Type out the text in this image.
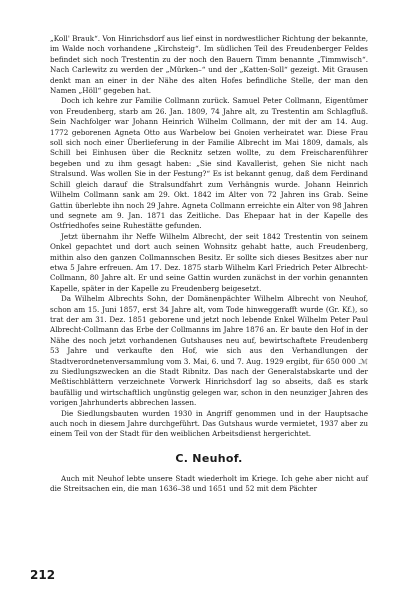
„Koll' Brauk“. Von Hinrichsdorf aus lief einst in nordwestlicher Richtung der bekannte, im Walde noch vorhandene „Kirchsteig“. Im südlichen Teil des Freudenberger Feldes befindet sich noch Trestentin zu der noch den Bauern Timm benannte „Timmwisch“. Nach Carlewitz zu werden der „Mürken–“ und der „Katten-Soll“ gezeigt. Mit Grausen denkt man an einer in der Nähe des alten Hofes befindliche Stelle, der man den Namen „Höll“ gegeben hat.

Doch ich kehre zur Familie Collmann zurück. Samuel Peter Collmann, Eigentümer von Freudenberg, starb am 26. Jan. 1809, 74 Jahre alt, zu Trestentin am Schlagfluß. Sein Nachfolger war Johann Heinrich Wilhelm Collmann, der mit der am 14. Aug. 1772 geborenen Agneta Otto aus Warbelow bei Gnoien verheiratet war. Diese Frau soll sich noch einer Überlieferung in der Familie Albrecht im Mai 1809, damals, als Schill bei Einhusen über die Recknitz setzen wollte, zu dem Freischarenführer begeben und zu ihm gesagt haben: „Sie sind Kavallerist, gehen Sie nicht nach Stralsund. Was wollen Sie in der Festung?“ Es ist bekannt genug, daß dem Ferdinand Schill gleich darauf die Stralsundfahrt zum Verhängnis wurde. Johann Heinrich Wilhelm Collmann sank am 29. Okt. 1842 im Alter von 72 Jahren ins Grab. Seine Gattin überlebte ihn noch 29 Jahre. Agneta Collmann erreichte ein Alter von 98 Jahren und segnete am 9. Jan. 1871 das Zeitliche. Das Ehepaar hat in der Kapelle des Ostfriedhofes seine Ruhestätte gefunden.

Jetzt übernahm ihr Neffe Wilhelm Albrecht, der seit 1842 Trestentin von seinem Onkel gepachtet und dort auch seinen Wohnsitz gehabt hatte, auch Freudenberg, mithin also den ganzen Collmannschen Besitz. Er sollte sich dieses Besitzes aber nur etwa 5 Jahre erfreuen. Am 17. Dez. 1875 starb Wilhelm Karl Friedrich Peter Albrecht-Collmann, 80 Jahre alt. Er und seine Gattin wurden zunächst in der vorhin genannten Kapelle, später in der Kapelle zu Freudenberg beigesetzt.

Da Wilhelm Albrechts Sohn, der Domänenpächter Wilhelm Albrecht von Neuhof, schon am 15. Juni 1857, erst 34 Jahre alt, vom Tode hinweggerafft wurde (Gr. Kf.), so trat der am 31. Dez. 1851 geborene und jetzt noch lebende Enkel Wilhelm Peter Paul Albrecht-Collmann das Erbe der Collmanns im Jahre 1876 an. Er baute den Hof in der Nähe des noch jetzt vorhandenen Gutshauses neu auf, bewirtschaftete Freudenberg 53 Jahre und verkaufte den Hof, wie sich aus den Verhandlungen der Stadtverordnetenversammlung vom 3. Mai, 6. und 7. Aug. 1929 ergibt, für 650 000 .ℳ zu Siedlungszwecken an die Stadt Ribnitz. Das nach der Generalstabskarte und der Meßtischblättern verzeichnete Vorwerk Hinrichsdorf lag so abseits, daß es stark baufällig und wirtschaftlich ungünstig gelegen war, schon in den neunziger Jahren des vorigen Jahrhunderts abbrechen lassen.

Die Siedlungsbauten wurden 1930 in Angriff genommen und in der Hauptsache auch noch in diesem Jahre durchgeführt. Das Gutshaus wurde vermietet, 1937 aber zu einem Teil von der Stadt für den weiblichen Arbeitsdienst hergerichtet.

C. Neuhof.

Auch mit Neuhof lebte unsere Stadt wiederholt im Kriege. Ich gehe aber nicht auf die Streitsachen ein, die man 1636–38 und 1651 und 52 mit dem Pächter

212
